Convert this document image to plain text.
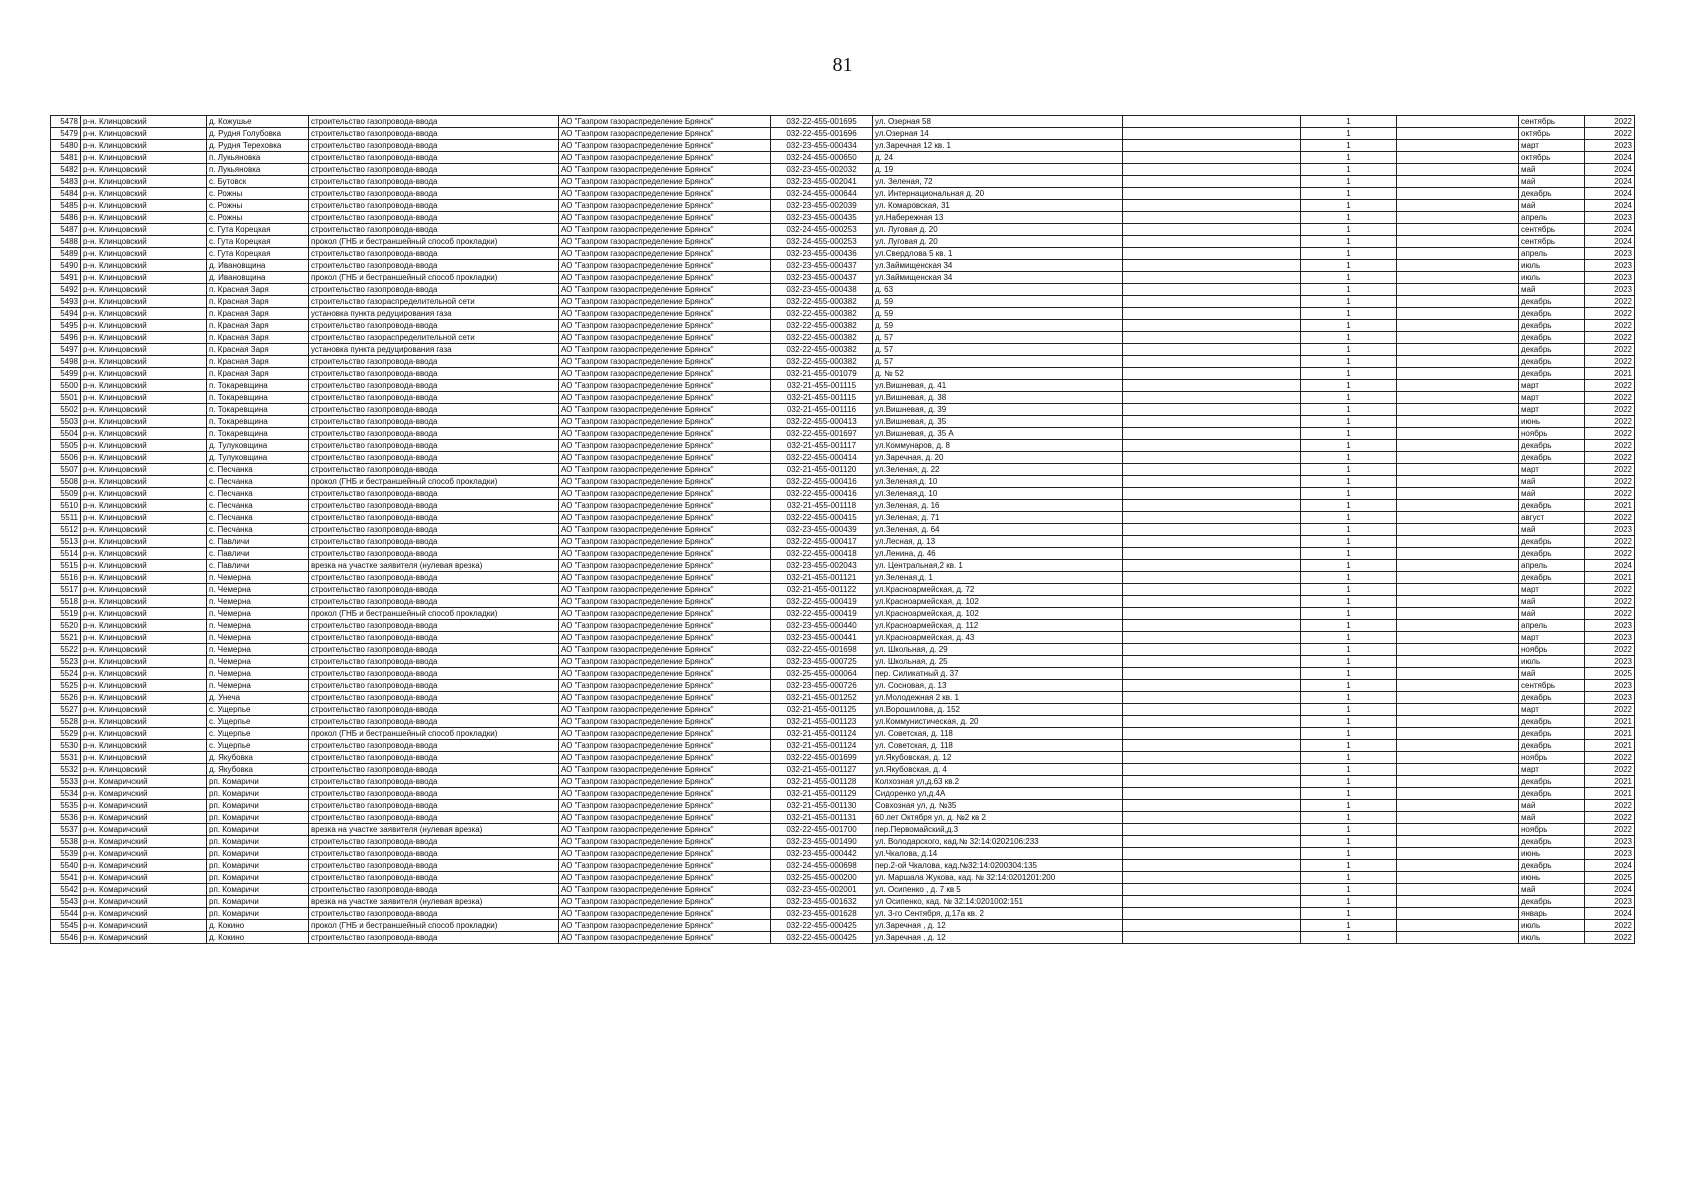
81
5478	р-н. Клинцовский	д. Кожушье	строительство газопровода-ввода	АО "Газпром газораспределение Брянск"	032-22-455-001695	ул. Озерная 58		1		сентябрь	2022
5479	р-н. Клинцовский	д. Рудня Голубовка	строительство газопровода-ввода	АО "Газпром газораспределение Брянск"	032-22-455-001696	ул.Озерная 14		1		октябрь	2022
5480	р-н. Клинцовский	д. Рудня Терeховка	строительство газопровода-ввода	АО "Газпром газораспределение Брянск"	032-23-455-000434	ул.Заречная 12 кв. 1		1		март	2023
5481	р-н. Клинцовский	п. Лукьяновка	строительство газопровода-ввода	АО "Газпром газораспределение Брянск"	032-24-455-000650	д. 24		1		октябрь	2024
5482	р-н. Клинцовский	п. Лукьяновка	строительство газопровода-ввода	АО "Газпром газораспределение Брянск"	032-23-455-002032	д. 19		1		май	2024
5483	р-н. Клинцовский	с. Бутовск	строительство газопровода-ввода	АО "Газпром газораспределение Брянск"	032-23-455-002041	ул. Зеленая, 72		1		май	2024
5484	р-н. Клинцовский	с. Рожны	строительство газопровода-ввода	АО "Газпром газораспределение Брянск"	032-24-455-000644	ул. Интернациональная д. 20		1		декабрь	2024
5485	р-н. Клинцовский	с. Рожны	строительство газопровода-ввода	АО "Газпром газораспределение Брянск"	032-23-455-002039	ул. Комаровская, 31		1		май	2024
5486	р-н. Клинцовский	с. Рожны	строительство газопровода-ввода	АО "Газпром газораспределение Брянск"	032-23-455-000435	ул.Набережная 13		1		апрель	2023
5487	р-н. Клинцовский	с. Гута Корецкая	строительство газопровода-ввода	АО "Газпром газораспределение Брянск"	032-24-455-000253	ул. Луговая д. 20		1		сентябрь	2024
5488	р-н. Клинцовский	с. Гута Корецкая	прокол (ГНБ и бестраншейный способ прокладки)	АО "Газпром газораспределение Брянск"	032-24-455-000253	ул. Луговая д. 20		1		сентябрь	2024
5489	р-н. Клинцовский	с. Гута Корецкая	строительство газопровода-ввода	АО "Газпром газораспределение Брянск"	032-23-455-000436	ул.Свердлова 5 кв. 1		1		апрель	2023
5490	р-н. Клинцовский	д. Ивановщина	строительство газопровода-ввода	АО "Газпром газораспределение Брянск"	032-23-455-000437	ул.Займищенская 34		1		июль	2023
5491	р-н. Клинцовский	д. Ивановщина	прокол (ГНБ и бестраншейный способ прокладки)	АО "Газпром газораспределение Брянск"	032-23-455-000437	ул.Займищенская 34		1		июль	2023
5492	р-н. Клинцовский	п. Красная Заря	строительство газопровода-ввода	АО "Газпром газораспределение Брянск"	032-23-455-000438	д. 63		1		май	2023
5493	р-н. Клинцовский	п. Красная Заря	строительство газораспределительной сети	АО "Газпром газораспределение Брянск"	032-22-455-000382	д. 59		1		декабрь	2022
5494	р-н. Клинцовский	п. Красная Заря	установка пункта редуцирования газа	АО "Газпром газораспределение Брянск"	032-22-455-000382	д. 59		1		декабрь	2022
5495	р-н. Клинцовский	п. Красная Заря	строительство газопровода-ввода	АО "Газпром газораспределение Брянск"	032-22-455-000382	д. 59		1		декабрь	2022
5496	р-н. Клинцовский	п. Красная Заря	строительство газораспределительной сети	АО "Газпром газораспределение Брянск"	032-22-455-000382	д. 57		1		декабрь	2022
5497	р-н. Клинцовский	п. Красная Заря	установка пункта редуцирования газа	АО "Газпром газораспределение Брянск"	032-22-455-000382	д. 57		1		декабрь	2022
5498	р-н. Клинцовский	п. Красная Заря	строительство газопровода-ввода	АО "Газпром газораспределение Брянск"	032-22-455-000382	д. 57		1		декабрь	2022
5499	р-н. Клинцовский	п. Красная Заря	строительство газопровода-ввода	АО "Газпром газораспределение Брянск"	032-21-455-001079	д. № 52		1		декабрь	2021
5500	р-н. Клинцовский	п. Токаревщина	строительство газопровода-ввода	АО "Газпром газораспределение Брянск"	032-21-455-001115	ул.Вишневая, д. 41		1		март	2022
5501	р-н. Клинцовский	п. Токаревщина	строительство газопровода-ввода	АО "Газпром газораспределение Брянск"	032-21-455-001115	ул.Вишневая, д. 38		1		март	2022
5502	р-н. Клинцовский	п. Токаревщина	строительство газопровода-ввода	АО "Газпром газораспределение Брянск"	032-21-455-001116	ул.Вишневая, д. 39		1		март	2022
5503	р-н. Клинцовский	п. Токаревщина	строительство газопровода-ввода	АО "Газпром газораспределение Брянск"	032-22-455-000413	ул.Вишневая, д. 35		1		июнь	2022
5504	р-н. Клинцовский	п. Токаревщина	строительство газопровода-ввода	АО "Газпром газораспределение Брянск"	032-22-455-001697	ул.Вишневая, д. 35 А		1		ноябрь	2022
5505	р-н. Клинцовский	д. Тулуковщина	строительство газопровода-ввода	АО "Газпром газораспределение Брянск"	032-21-455-001117	ул.Коммунаров, д. 8		1		декабрь	2022
5506	р-н. Клинцовский	д. Тулуковщина	строительство газопровода-ввода	АО "Газпром газораспределение Брянск"	032-22-455-000414	ул.Заречная, д. 20		1		декабрь	2022
5507	р-н. Клинцовский	с. Песчанка	строительство газопровода-ввода	АО "Газпром газораспределение Брянск"	032-21-455-001120	ул.Зеленая, д. 22		1		март	2022
5508	р-н. Клинцовский	с. Песчанка	прокол (ГНБ и бестраншейный способ прокладки)	АО "Газпром газораспределение Брянск"	032-22-455-000416	ул.Зеленая,д. 10		1		май	2022
5509	р-н. Клинцовский	с. Песчанка	строительство газопровода-ввода	АО "Газпром газораспределение Брянск"	032-22-455-000416	ул.Зеленая,д. 10		1		май	2022
5510	р-н. Клинцовский	с. Песчанка	строительство газопровода-ввода	АО "Газпром газораспределение Брянск"	032-21-455-001118	ул.Зеленая, д. 16		1		декабрь	2021
5511	р-н. Клинцовский	с. Песчанка	строительство газопровода-ввода	АО "Газпром газораспределение Брянск"	032-22-455-000415	ул.Зеленая, д. 71		1		август	2022
5512	р-н. Клинцовский	с. Песчанка	строительство газопровода-ввода	АО "Газпром газораспределение Брянск"	032-23-455-000439	ул.Зеленая, д. 64		1		май	2023
5513	р-н. Клинцовский	с. Павличи	строительство газопровода-ввода	АО "Газпром газораспределение Брянск"	032-22-455-000417	ул.Лесная, д. 13		1		декабрь	2022
5514	р-н. Клинцовский	с. Павличи	строительство газопровода-ввода	АО "Газпром газораспределение Брянск"	032-22-455-000418	ул.Ленина, д. 46		1		декабрь	2022
5515	р-н. Клинцовский	с. Павличи	врезка на участке заявителя (нулевая врезка)	АО "Газпром газораспределение Брянск"	032-23-455-002043	ул. Центральная,2 кв. 1		1		апрель	2024
5516	р-н. Клинцовский	п. Чемерна	строительство газопровода-ввода	АО "Газпром газораспределение Брянск"	032-21-455-001121	ул.Зеленая,д. 1		1		декабрь	2021
5517	р-н. Клинцовский	п. Чемерна	строительство газопровода-ввода	АО "Газпром газораспределение Брянск"	032-21-455-001122	ул.Красноармейская, д. 72		1		март	2022
5518	р-н. Клинцовский	п. Чемерна	строительство газопровода-ввода	АО "Газпром газораспределение Брянск"	032-22-455-000419	ул.Красноармейская, д. 102		1		май	2022
5519	р-н. Клинцовский	п. Чемерна	прокол (ГНБ и бестраншейный способ прокладки)	АО "Газпром газораспределение Брянск"	032-22-455-000419	ул.Красноармейская, д. 102		1		май	2022
5520	р-н. Клинцовский	п. Чемерна	строительство газопровода-ввода	АО "Газпром газораспределение Брянск"	032-23-455-000440	ул.Красноармейская, д. 112		1		апрель	2023
5521	р-н. Клинцовский	п. Чемерна	строительство газопровода-ввода	АО "Газпром газораспределение Брянск"	032-23-455-000441	ул.Красноармейская, д. 43		1		март	2023
5522	р-н. Клинцовский	п. Чемерна	строительство газопровода-ввода	АО "Газпром газораспределение Брянск"	032-22-455-001698	ул. Школьная, д. 29		1		ноябрь	2022
5523	р-н. Клинцовский	п. Чемерна	строительство газопровода-ввода	АО "Газпром газораспределение Брянск"	032-23-455-000725	ул. Школьная, д. 25		1		июль	2023
5524	р-н. Клинцовский	п. Чемерна	строительство газопровода-ввода	АО "Газпром газораспределение Брянск"	032-25-455-000064	пер. Силикатный д. 37		1		май	2025
5525	р-н. Клинцовский	п. Чемерна	строительство газопровода-ввода	АО "Газпром газораспределение Брянск"	032-23-455-000726	ул. Сосновая, д. 13		1		сентябрь	2023
5526	р-н. Клинцовский	д. Унеча	строительство газопровода-ввода	АО "Газпром газораспределение Брянск"	032-21-455-001252	ул.Молодежная 2 кв. 1		1		декабрь	2023
5527	р-н. Клинцовский	с. Ущерпье	строительство газопровода-ввода	АО "Газпром газораспределение Брянск"	032-21-455-001125	ул.Ворошилова, д. 152		1		март	2022
5528	р-н. Клинцовский	с. Ущерпье	строительство газопровода-ввода	АО "Газпром газораспределение Брянск"	032-21-455-001123	ул.Коммунистическая, д. 20		1		декабрь	2021
5529	р-н. Клинцовский	с. Ущерпье	прокол (ГНБ и бестраншейный способ прокладки)	АО "Газпром газораспределение Брянск"	032-21-455-001124	ул. Советская, д. 118		1		декабрь	2021
5530	р-н. Клинцовский	с. Ущерпье	строительство газопровода-ввода	АО "Газпром газораспределение Брянск"	032-21-455-001124	ул. Советская, д. 118		1		декабрь	2021
5531	р-н. Клинцовский	д. Якубовка	строительство газопровода-ввода	АО "Газпром газораспределение Брянск"	032-22-455-001699	ул.Якубовская, д. 12		1		ноябрь	2022
5532	р-н. Клинцовский	д. Якубовка	строительство газопровода-ввода	АО "Газпром газораспределение Брянск"	032-21-455-001127	ул.Якубовская, д. 4		1		март	2022
5533	р-н. Комаричский	рп. Комаричи	строительство газопровода-ввода	АО "Газпром газораспределение Брянск"	032-21-455-001128	Колхозная ул,д.63 кв.2		1		декабрь	2021
5534	р-н. Комаричский	рп. Комаричи	строительство газопровода-ввода	АО "Газпром газораспределение Брянск"	032-21-455-001129	Сидоренко ул,д.4А		1		декабрь	2021
5535	р-н. Комаричский	рп. Комаричи	строительство газопровода-ввода	АО "Газпром газораспределение Брянск"	032-21-455-001130	Совхозная ул, д. №35		1		май	2022
5536	р-н. Комаричский	рп. Комаричи	строительство газопровода-ввода	АО "Газпром газораспределение Брянск"	032-21-455-001131	60 лет Октября ул, д. №2 кв 2		1		май	2022
5537	р-н. Комаричский	рп. Комаричи	врезка на участке заявителя (нулевая врезка)	АО "Газпром газораспределение Брянск"	032-22-455-001700	пер.Первомайский,д.3		1		ноябрь	2022
5538	р-н. Комаричский	рп. Комаричи	строительство газопровода-ввода	АО "Газпром газораспределение Брянск"	032-23-455-001490	ул. Володарского, кад.№ 32:14:0202106:233		1		декабрь	2023
5539	р-н. Комаричский	рп. Комаричи	строительство газопровода-ввода	АО "Газпром газораспределение Брянск"	032-23-455-000442	ул.Чкалова, д.14		1		июнь	2023
5540	р-н. Комаричский	рп. Комаричи	строительство газопровода-ввода	АО "Газпром газораспределение Брянск"	032-24-455-000698	пер.2-ой Чкалова, кад.№32:14:0200304:135		1		декабрь	2024
5541	р-н. Комаричский	рп. Комаричи	строительство газопровода-ввода	АО "Газпром газораспределение Брянск"	032-25-455-000200	ул. Маршала Жукова, кад. № 32:14:0201201:200		1		июнь	2025
5542	р-н. Комаричский	рп. Комаричи	строительство газопровода-ввода	АО "Газпром газораспределение Брянск"	032-23-455-002001	ул. Осипенко , д. 7 кв 5		1		май	2024
5543	р-н. Комаричский	рп. Комаричи	врезка на участке заявителя (нулевая врезка)	АО "Газпром газораспределение Брянск"	032-23-455-001632	ул Осипенко, кад. № 32:14:0201002:151		1		декабрь	2023
5544	р-н. Комаричский	рп. Комаричи	строительство газопровода-ввода	АО "Газпром газораспределение Брянск"	032-23-455-001628	ул. 3-го Сентября, д.17а кв. 2		1		январь	2024
5545	р-н. Комаричский	д. Кокино	прокол (ГНБ и бестраншейный способ прокладки)	АО "Газпром газораспределение Брянск"	032-22-455-000425	ул.Заречная , д. 12		1		июль	2022
5546	р-н. Комаричский	д. Кокино	строительство газопровода-ввода	АО "Газпром газораспределение Брянск"	032-22-455-000425	ул.Заречная , д. 12		1		июль	2022
